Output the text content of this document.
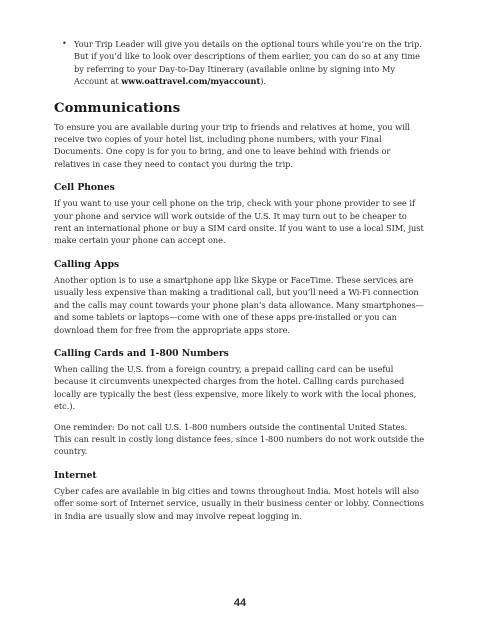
• Your Trip Leader will give you details on the optional tours while you’re on the trip. But if you’d like to look over descriptions of them earlier, you can do so at any time by referring to your Day-to-Day Itinerary (available online by signing into My Account at www.oattravel.com/myaccount).
Communications

To ensure you are available during your trip to friends and relatives at home, you will receive two copies of your hotel list, including phone numbers, with your Final Documents. One copy is for you to bring, and one to leave behind with friends or relatives in case they need to contact you during the trip.

Cell Phones

If you want to use your cell phone on the trip, check with your phone provider to see if your phone and service will work outside of the U.S. It may turn out to be cheaper to rent an international phone or buy a SIM card onsite. If you want to use a local SIM, just make certain your phone can accept one.

Calling Apps

Another option is to use a smartphone app like Skype or FaceTime. These services are usually less expensive than making a traditional call, but you’ll need a Wi-Fi connection and the calls may count towards your phone plan’s data allowance. Many smartphones—and some tablets or laptops—come with one of these apps pre-installed or you can download them for free from the appropriate apps store.

Calling Cards and 1-800 Numbers

When calling the U.S. from a foreign country, a prepaid calling card can be useful because it circumvents unexpected charges from the hotel. Calling cards purchased locally are typically the best (less expensive, more likely to work with the local phones, etc.).

One reminder: Do not call U.S. 1-800 numbers outside the continental United States. This can result in costly long distance fees, since 1-800 numbers do not work outside the country.

Internet

Cyber cafes are available in big cities and towns throughout India. Most hotels will also offer some sort of Internet service, usually in their business center or lobby. Connections in India are usually slow and may involve repeat logging in.

44
